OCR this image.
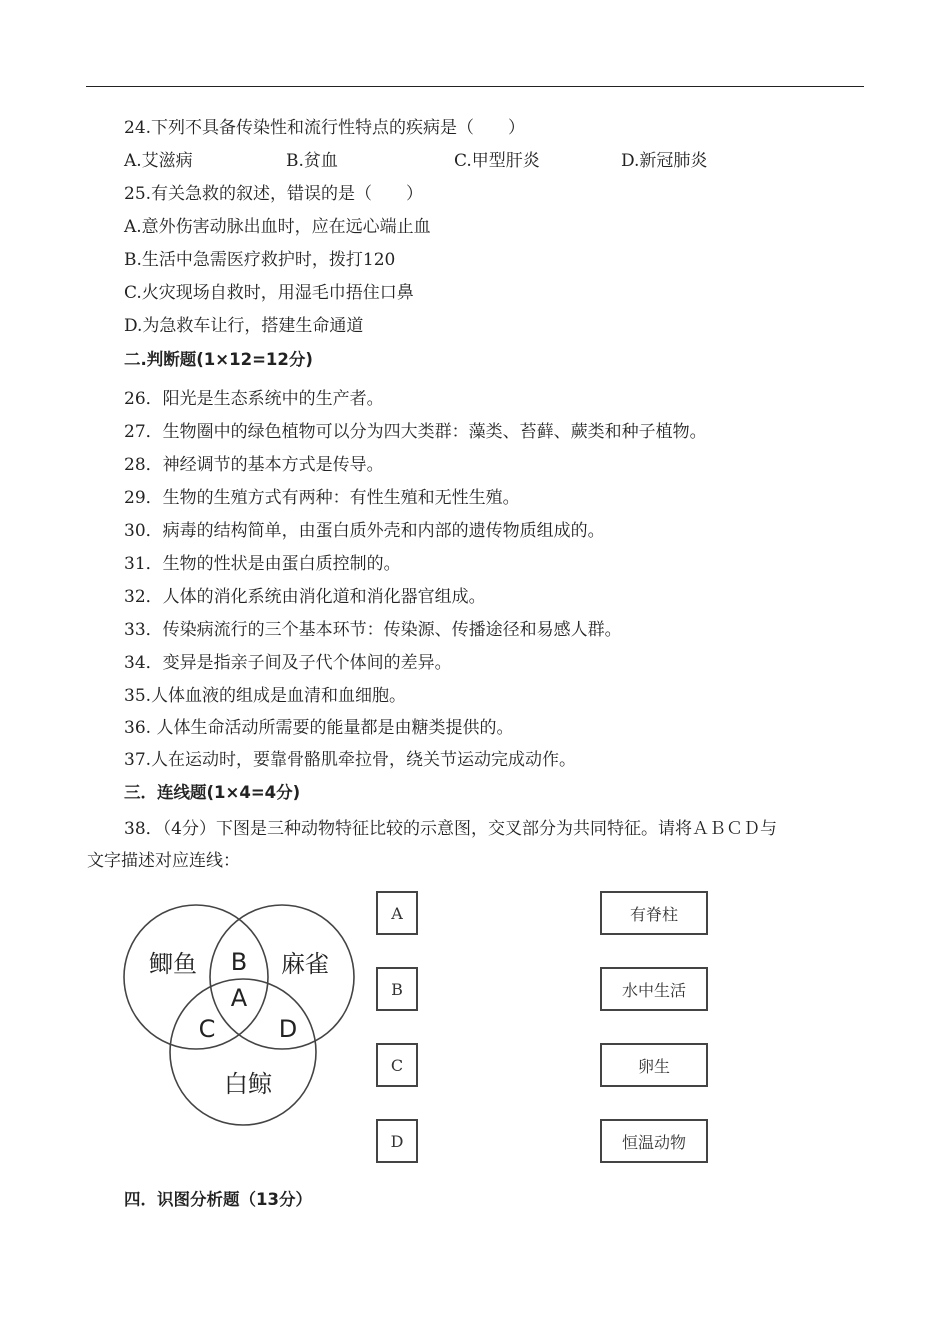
24.下列不具备传染性和流行性特点的疾病是（　　）
A.艾滋病	B.贫血	C.甲型肝炎	D.新冠肺炎
25.有关急救的叙述，错误的是（　　）
A.意外伤害动脉出血时，应在远心端止血
B.生活中急需医疗救护时，拨打120
C.火灾现场自救时，用湿毛巾捂住口鼻
D.为急救车让行，搭建生命通道
二.判断题(1×12=12分)
26．阳光是生态系统中的生产者。
27．生物圈中的绿色植物可以分为四大类群：藻类、苔藓、蕨类和种子植物。
28．神经调节的基本方式是传导。
29．生物的生殖方式有两种：有性生殖和无性生殖。
30．病毒的结构简单，由蛋白质外壳和内部的遗传物质组成的。
31．生物的性状是由蛋白质控制的。
32．人体的消化系统由消化道和消化器官组成。
33．传染病流行的三个基本环节：传染源、传播途径和易感人群。
34．变异是指亲子间及子代个体间的差异。
35.人体血液的组成是血清和血细胞。
36. 人体生命活动所需要的能量都是由糖类提供的。
37.人在运动时，要靠骨骼肌牵拉骨，绕关节运动完成动作。
三．连线题(1×4=4分)
38．（4分）下图是三种动物特征比较的示意图，交叉部分为共同特征。请将ＡＢＣＤ与
文字描述对应连线：
鲫鱼	麻雀
白鲸
A
B
C	D
A
B
C
D
有脊柱
水中生活
卵生
恒温动物
四．识图分析题（13分）
